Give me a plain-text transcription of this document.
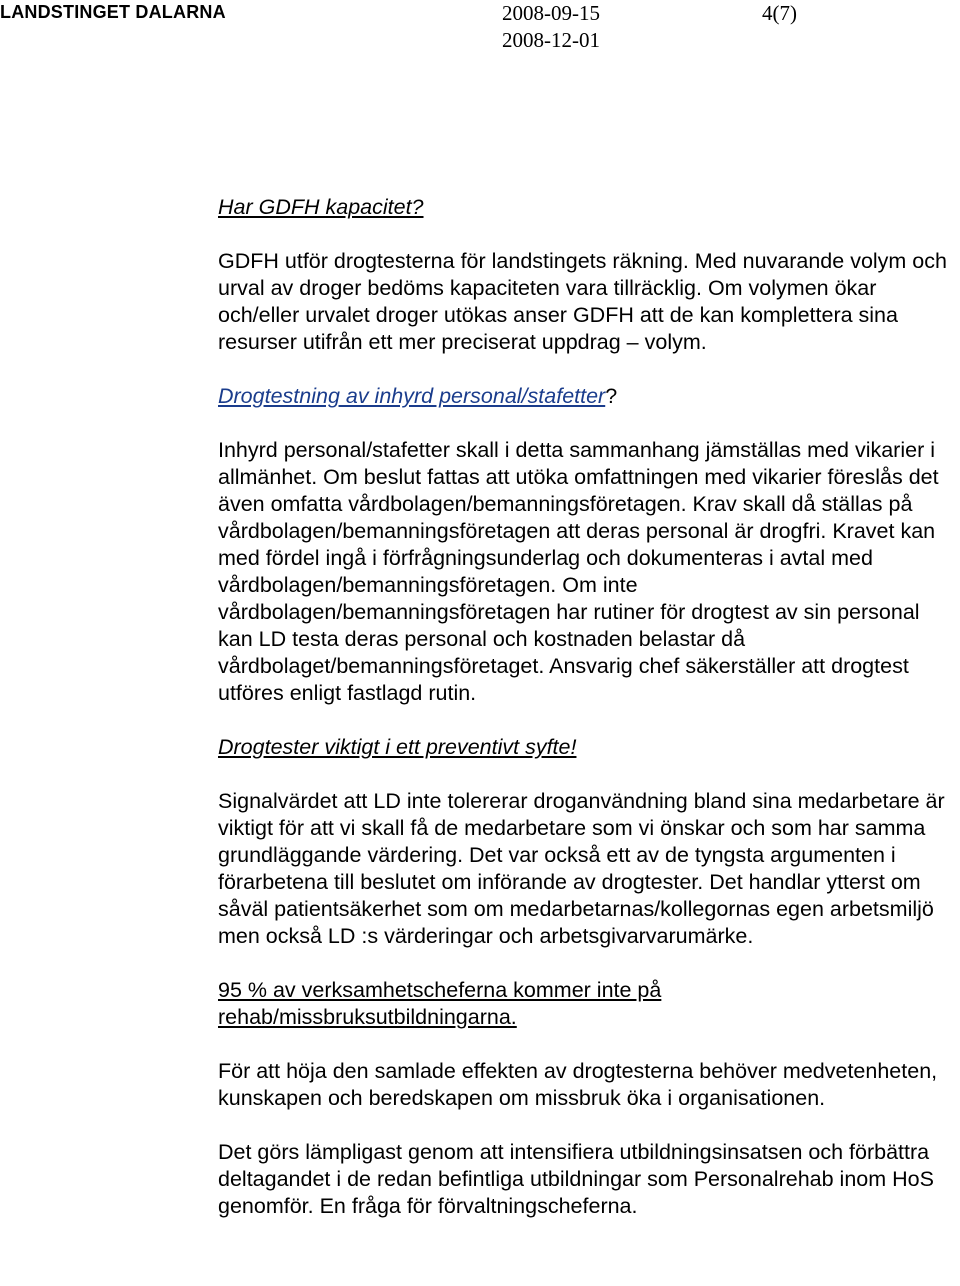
LANDSTINGET DALARNA	2008-09-15
2008-12-01
4(7)

Har GDFH kapacitet?

GDFH utför drogtesterna för landstingets räkning. Med nuvarande volym och urval av droger bedöms kapaciteten vara tillräcklig. Om volymen ökar och/eller urvalet droger utökas anser GDFH att de kan komplettera sina resurser utifrån ett mer preciserat uppdrag – volym.

Drogtestning av inhyrd personal/stafetter?

Inhyrd personal/stafetter skall i detta sammanhang jämställas med vikarier i allmänhet. Om beslut fattas att utöka omfattningen med vikarier föreslås det även omfatta vårdbolagen/bemanningsföretagen. Krav skall då ställas på vårdbolagen/bemanningsföretagen att deras personal är drogfri. Kravet kan med fördel ingå i förfrågningsunderlag och dokumenteras i avtal med vårdbolagen/bemanningsföretagen. Om inte vårdbolagen/bemanningsföretagen har rutiner för drogtest av sin personal kan LD testa deras personal och kostnaden belastar då vårdbolaget/bemanningsföretaget. Ansvarig chef säkerställer att drogtest utföres enligt fastlagd rutin.

Drogtester viktigt i ett preventivt syfte!

Signalvärdet att LD inte tolererar droganvändning bland sina medarbetare är viktigt för att vi skall få de medarbetare som vi önskar och som har samma grundläggande värdering. Det var också ett av de tyngsta argumenten i förarbetena till beslutet om införande av drogtester. Det handlar ytterst om såväl patientsäkerhet som om medarbetarnas/kollegornas egen arbetsmiljö men också LD :s värderingar och arbetsgivarvarumärke.

95 % av verksamhetscheferna kommer inte på rehab/missbruksutbildningarna.

För att höja den samlade effekten av drogtesterna behöver medvetenheten, kunskapen och beredskapen om missbruk öka i organisationen.

Det görs lämpligast genom att intensifiera utbildningsinsatsen och förbättra deltagandet i de redan befintliga utbildningar som Personalrehab inom HoS genomför. En fråga för förvaltningscheferna.
